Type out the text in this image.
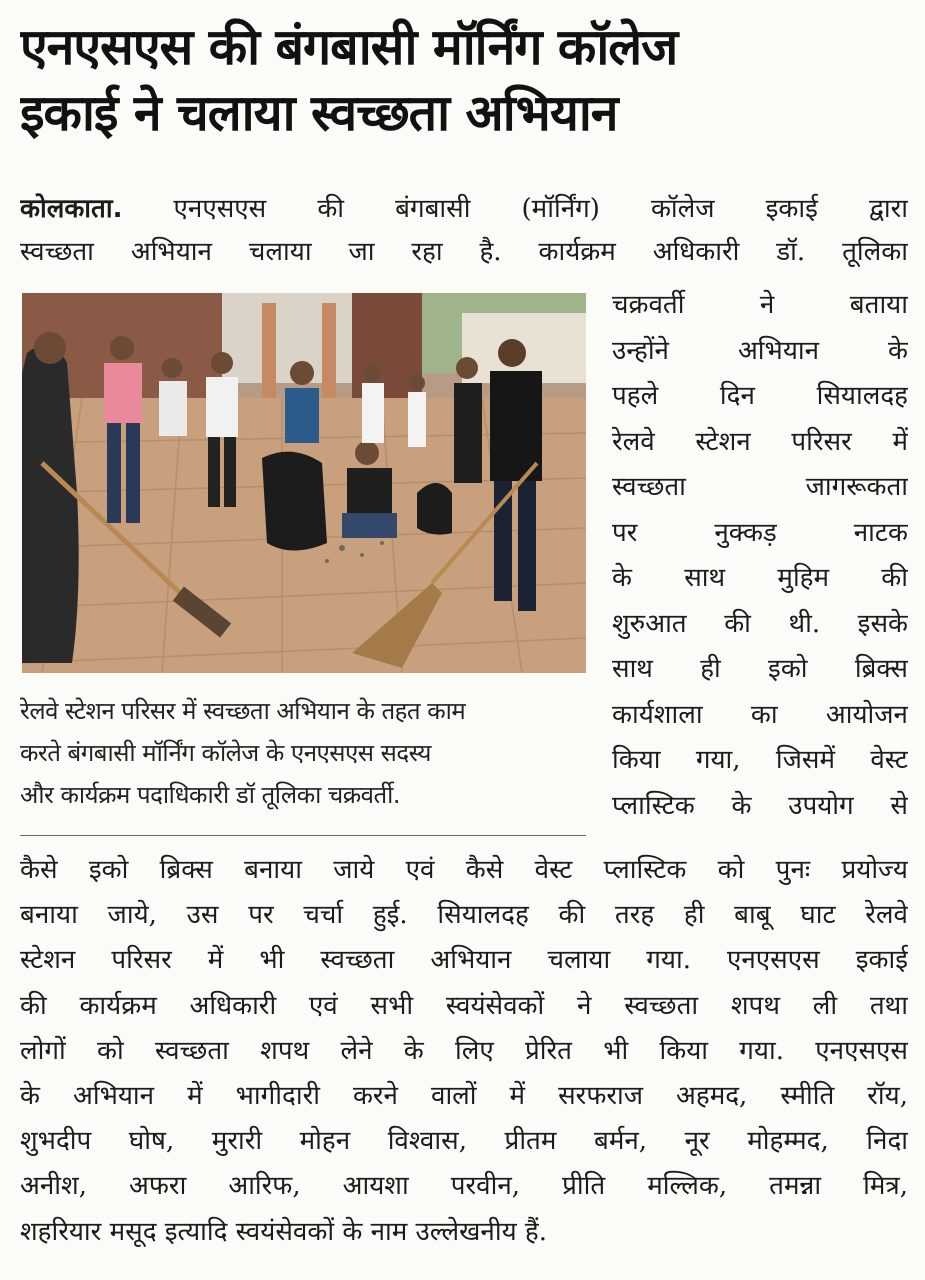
एनएसएस की बंगबासी मॉर्निंग कॉलेज
इकाई ने चलाया स्वच्छता अभियान
कोलकाता. एनएसएस की बंगबासी (मॉर्निंग) कॉलेज इकाई द्वारा
स्वच्छता अभियान चलाया जा रहा है. कार्यक्रम अधिकारी डॉ. तूलिका
रेलवे स्टेशन परिसर में स्वच्छता अभियान के तहत काम
करते बंगबासी मॉर्निंग कॉलेज के एनएसएस सदस्य
और कार्यक्रम पदाधिकारी डॉ तूलिका चक्रवर्ती.
चक्रवर्ती ने बताया
उन्होंने अभियान के
पहले दिन सियालदह
रेलवे स्टेशन परिसर में
स्वच्छता जागरूकता
पर नुक्कड़ नाटक
के साथ मुहिम की
शुरुआत की थी. इसके
साथ ही इको ब्रिक्स
कार्यशाला का आयोजन
किया गया, जिसमें वेस्ट
प्लास्टिक के उपयोग से
कैसे इको ब्रिक्स बनाया जाये एवं कैसे वेस्ट प्लास्टिक को पुनः प्रयोज्य
बनाया जाये, उस पर चर्चा हुई. सियालदह की तरह ही बाबू घाट रेलवे
स्टेशन परिसर में भी स्वच्छता अभियान चलाया गया. एनएसएस इकाई
की कार्यक्रम अधिकारी एवं सभी स्वयंसेवकों ने स्वच्छता शपथ ली तथा
लोगों को स्वच्छता शपथ लेने के लिए प्रेरित भी किया गया. एनएसएस
के अभियान में भागीदारी करने वालों में सरफराज अहमद, स्मीति रॉय,
शुभदीप घोष, मुरारी मोहन विश्वास, प्रीतम बर्मन, नूर मोहम्मद, निदा
अनीश, अफरा आरिफ, आयशा परवीन, प्रीति मल्लिक, तमन्ना मित्र,
शहरियार मसूद इत्यादि स्वयंसेवकों के नाम उल्लेखनीय हैं.
